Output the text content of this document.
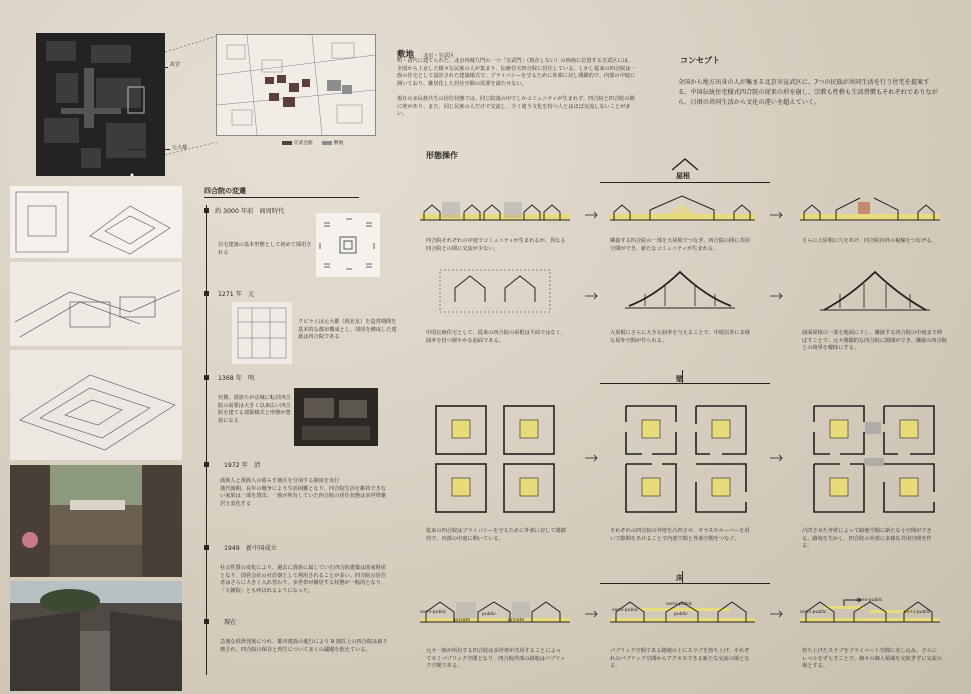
故宮
元大都
宣武会館	敷地
敷地 北京・宣武区
明・清代に建てられた、北京内城九門の一つ「宣武門」（現存しない）の西南に位置する宣武区には、全国から上京した様々な民族の人が集まり、伝統住宅四合院に居住している。しかし従来の四合院は一族の住宅として設計された建築様式で、プライバシーを守るために外部に対し閉鎖的で、内部の中庭に開いており、雑居化した居住空間の需要を満たせない。
現在の多民族共生の居住状態では、同じ院落の中でしかコミュニティが生まれず、四合院と四合院の間に壁があり、また、同じ民族の人だけで交流し、全く違う文化を持つ人とはほぼ交流しないことが多い。
コンセプト
全国から地方出身の人が集まる北京市宣武区に、7つの民族が共同生活を行う住宅を提案する。中国伝統住宅様式四合院の従来の形を崩し、宗教も性格も生活習慣もそれぞれでありながら、日頃の共同生活から文化の違いを超えていく。
四合院の変遷
約 3000 年前　商周時代
住宅建築の基本形態として初めて採用される
1271 年　元
クビライは元大都（現北京）を造営期間を基本的な都市構成とし、胡同を構成した建築は四合院である
1368 年　明
官僚、貴族ちが京城に転居四合院の需要は大きく以来広い四合院を建てる建築様式と形態が豊富になる
1972 年　清
満族人と漢族人の暮らす地区を分別する制度を実行
漢代後期、長年の戦争により生活困難となり、四合院生活を維持できない家族は一部を貸出、一族が所有していた四合院の居住状態は多世帯雑居と変化する
1949　新中国成立
社会性質の変化により、過去に貴族に属していた四合院建築は国家財産となり、国営会社の社員寮として利用されることが多い。四合院の居住者はさらに大きく入れ替わり、多世帯が雑居する状態が一般的となり、「大雑院」とも呼ばれるようになった。
現在
急速な経済発展につれ、都市建設の進行により 9 割以上の四合院は取り壊され、四合院の保存と再生について多くの議題を抱えている。
形態操作
屋根
四合院それぞれの中庭でコミュニティが生まれるが、異なる四合院との間に交流が少ない。
隣接する四合院の一部を大屋根でつなぎ、四合院の間に共同空間ができ、新たなコミュニティが生まれる。
さらに大屋根に穴をあけ、四合院内外の視線をつなげる。
中国伝統住宅として、従来の四合院の屋根は平面ではなく、曲率を持つ緩やかな曲面である。
大屋根にさらに大きな曲率を与えることで、中庭以外に多様な屋外空間が作られる。
曲面屋根の一部を地面に下し、隣接する四合院の中庭まで伸ばすことで、元々閉鎖的な四合院に隙間ができ、隣接の四合院との境界を曖昧にする。
壁
従来の四合院はプライバシーを守るために外部に対して閉鎖的で、内部の中庭に開いている。
それぞれの四合院の外壁を凸凹させ、ガラスやルーバーを用いて隙間をあけることで内部空間と外部空間をつなぐ。
凸凹させた外壁によって路地空間に新たな小空間ができる。路地を生かし、四合院の外部に多様な共用空間を作る。
床
semi-public
private
public
private
semi-public
semi-public
public	semi-public
semi-public
semi-public
元々一族が所有する四合院は多世帯が共用することによってセミパブリック空間となり、四合院外部の路地はパブリック空間である。
パブリック空間である路地の上にスラブを持ち上げ、それぞれのパブリック空間からアクセスできる新たな交流の場となる。
持ち上げたスラブをプライベート空間に差し込み、さらにレベルをずらすことで、個々の個人領域を完結ぎずに交流の場とする。
